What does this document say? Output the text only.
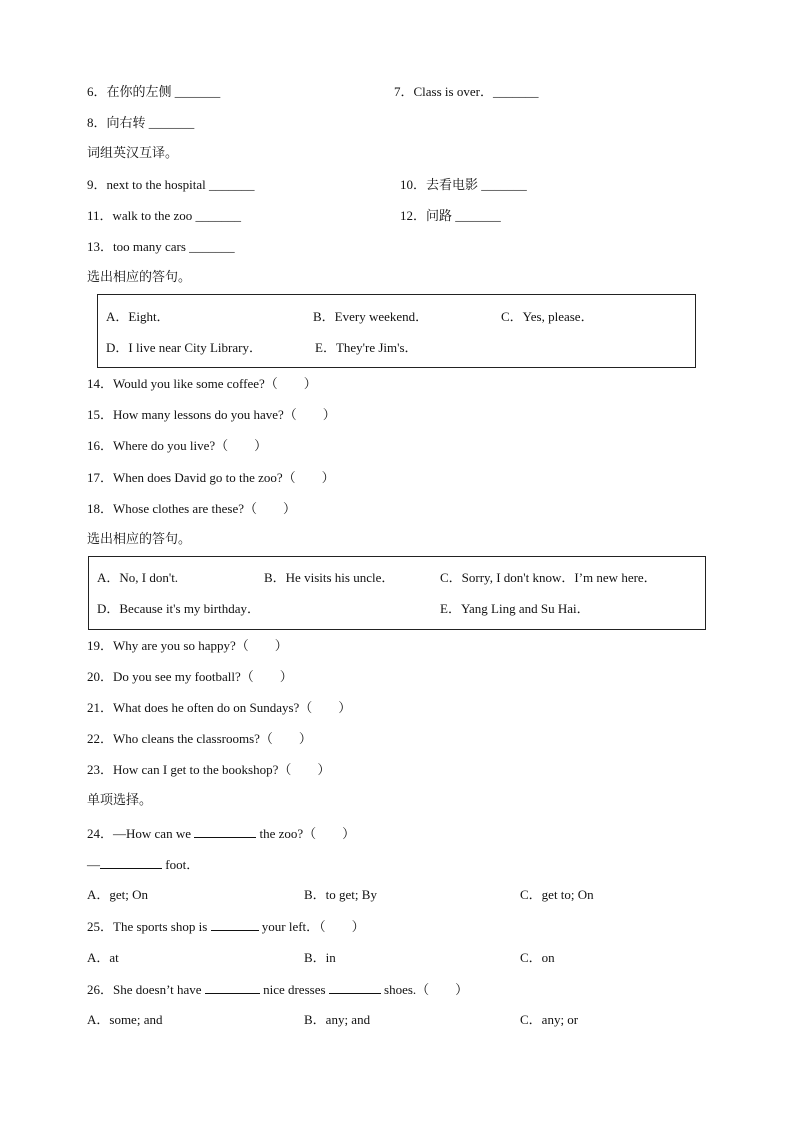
6．在你的左侧 _______	7．Class is over．_______
8．向右转 _______
词组英汉互译。
9．next to the hospital _______	10．去看电影 _______
11．walk to the zoo _______	12．问路 _______
13．too many cars _______
选出相应的答句。
A．Eight．	B．Every weekend．	C．Yes, please．
D．I live near City Library．	E．They're Jim's．
14．Would you like some coffee?（　　）
15．How many lessons do you have?（　　）
16．Where do you live?（　　）
17．When does David go to the zoo?（　　）
18．Whose clothes are these?（　　）
选出相应的答句。
A．No, I don't.	B．He visits his uncle．	C．Sorry, I don't know．I’m new here．
D．Because it's my birthday．	E．Yang Ling and Su Hai．
19．Why are you so happy?（　　）
20．Do you see my football?（　　）
21．What does he often do on Sundays?（　　）
22．Who cleans the classrooms?（　　）
23．How can I get to the bookshop?（　　）
单项选择。
24．—How can we	the zoo?（　　）
—	foot．
A．get; On	B．to get; By	C．get to; On
25．The sports shop is	your left．（　　）
A．at	B．in	C．on
26．She doesn’t have	nice dresses	shoes.（　　）
A．some; and	B．any; and	C．any; or
